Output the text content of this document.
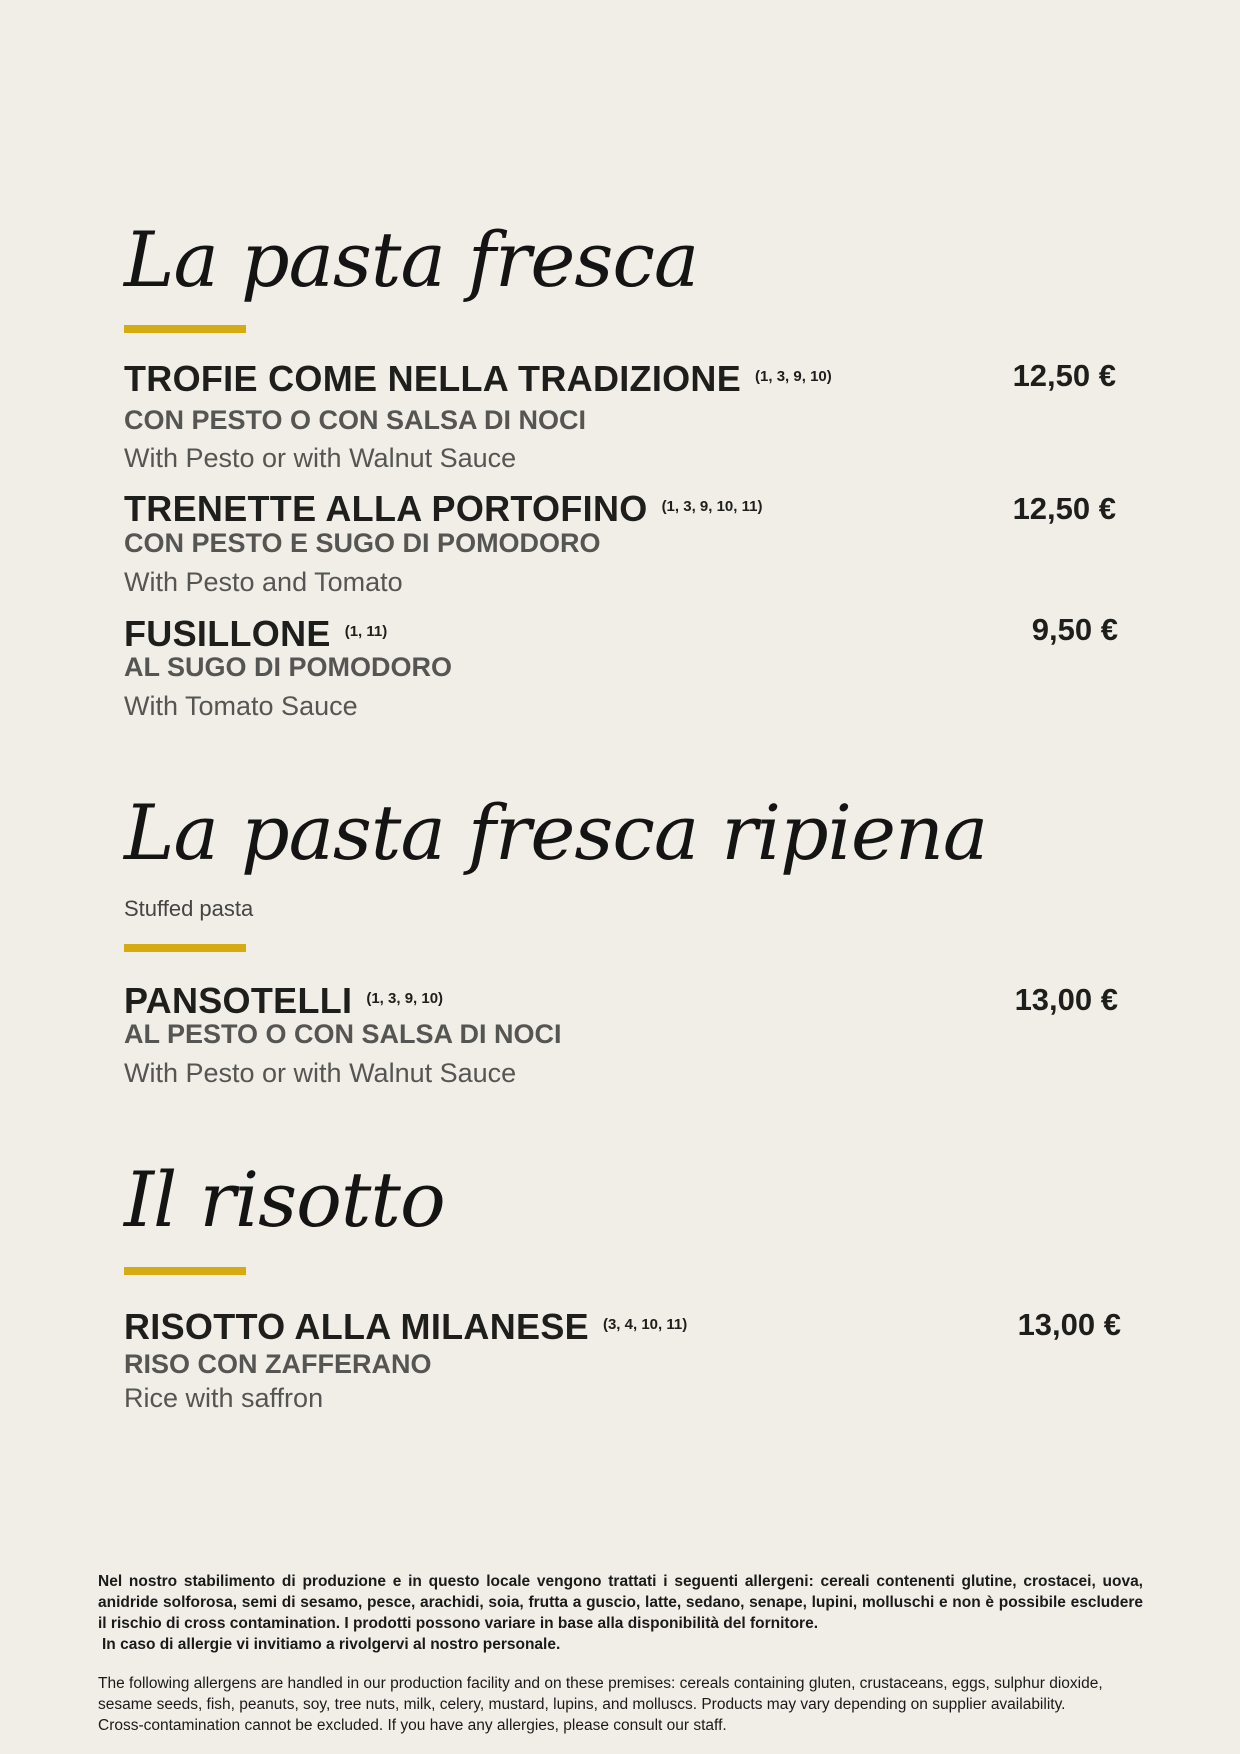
La pasta fresca
TROFIE COME NELLA TRADIZIONE $^{(1, 3, 9, 10)}$	12,50 €
CON PESTO O CON SALSA DI NOCI
With Pesto or with Walnut Sauce
TRENETTE ALLA PORTOFINO $^{(1, 3, 9, 10, 11)}$	12,50 €
CON PESTO E SUGO DI POMODORO
With Pesto and Tomato
FUSILLONE $^{(1, 11)}$	9,50 €
AL SUGO DI POMODORO
With Tomato Sauce
La pasta fresca ripiena
Stuffed pasta
PANSOTELLI $^{(1, 3, 9, 10)}$	13,00 €
AL PESTO O CON SALSA DI NOCI
With Pesto or with Walnut Sauce
Il risotto
RISOTTO ALLA MILANESE $^{(3, 4, 10, 11)}$	13,00 €
RISO CON ZAFFERANO
Rice with saffron
Nel nostro stabilimento di produzione e in questo locale vengono trattati i seguenti allergeni: cereali contenenti glutine, crostacei, uova, anidride solforosa, semi di sesamo, pesce, arachidi, soia, frutta a guscio, latte, sedano, senape, lupini, molluschi e non è possibile escludere il rischio di cross contamination. I prodotti possono variare in base alla disponibilità del fornitore.
In caso di allergie vi invitiamo a rivolgervi al nostro personale.
The following allergens are handled in our production facility and on these premises: cereals containing gluten, crustaceans, eggs, sulphur dioxide,
sesame seeds, fish, peanuts, soy, tree nuts, milk, celery, mustard, lupins, and molluscs. Products may vary depending on supplier availability.
Cross-contamination cannot be excluded. If you have any allergies, please consult our staff.
